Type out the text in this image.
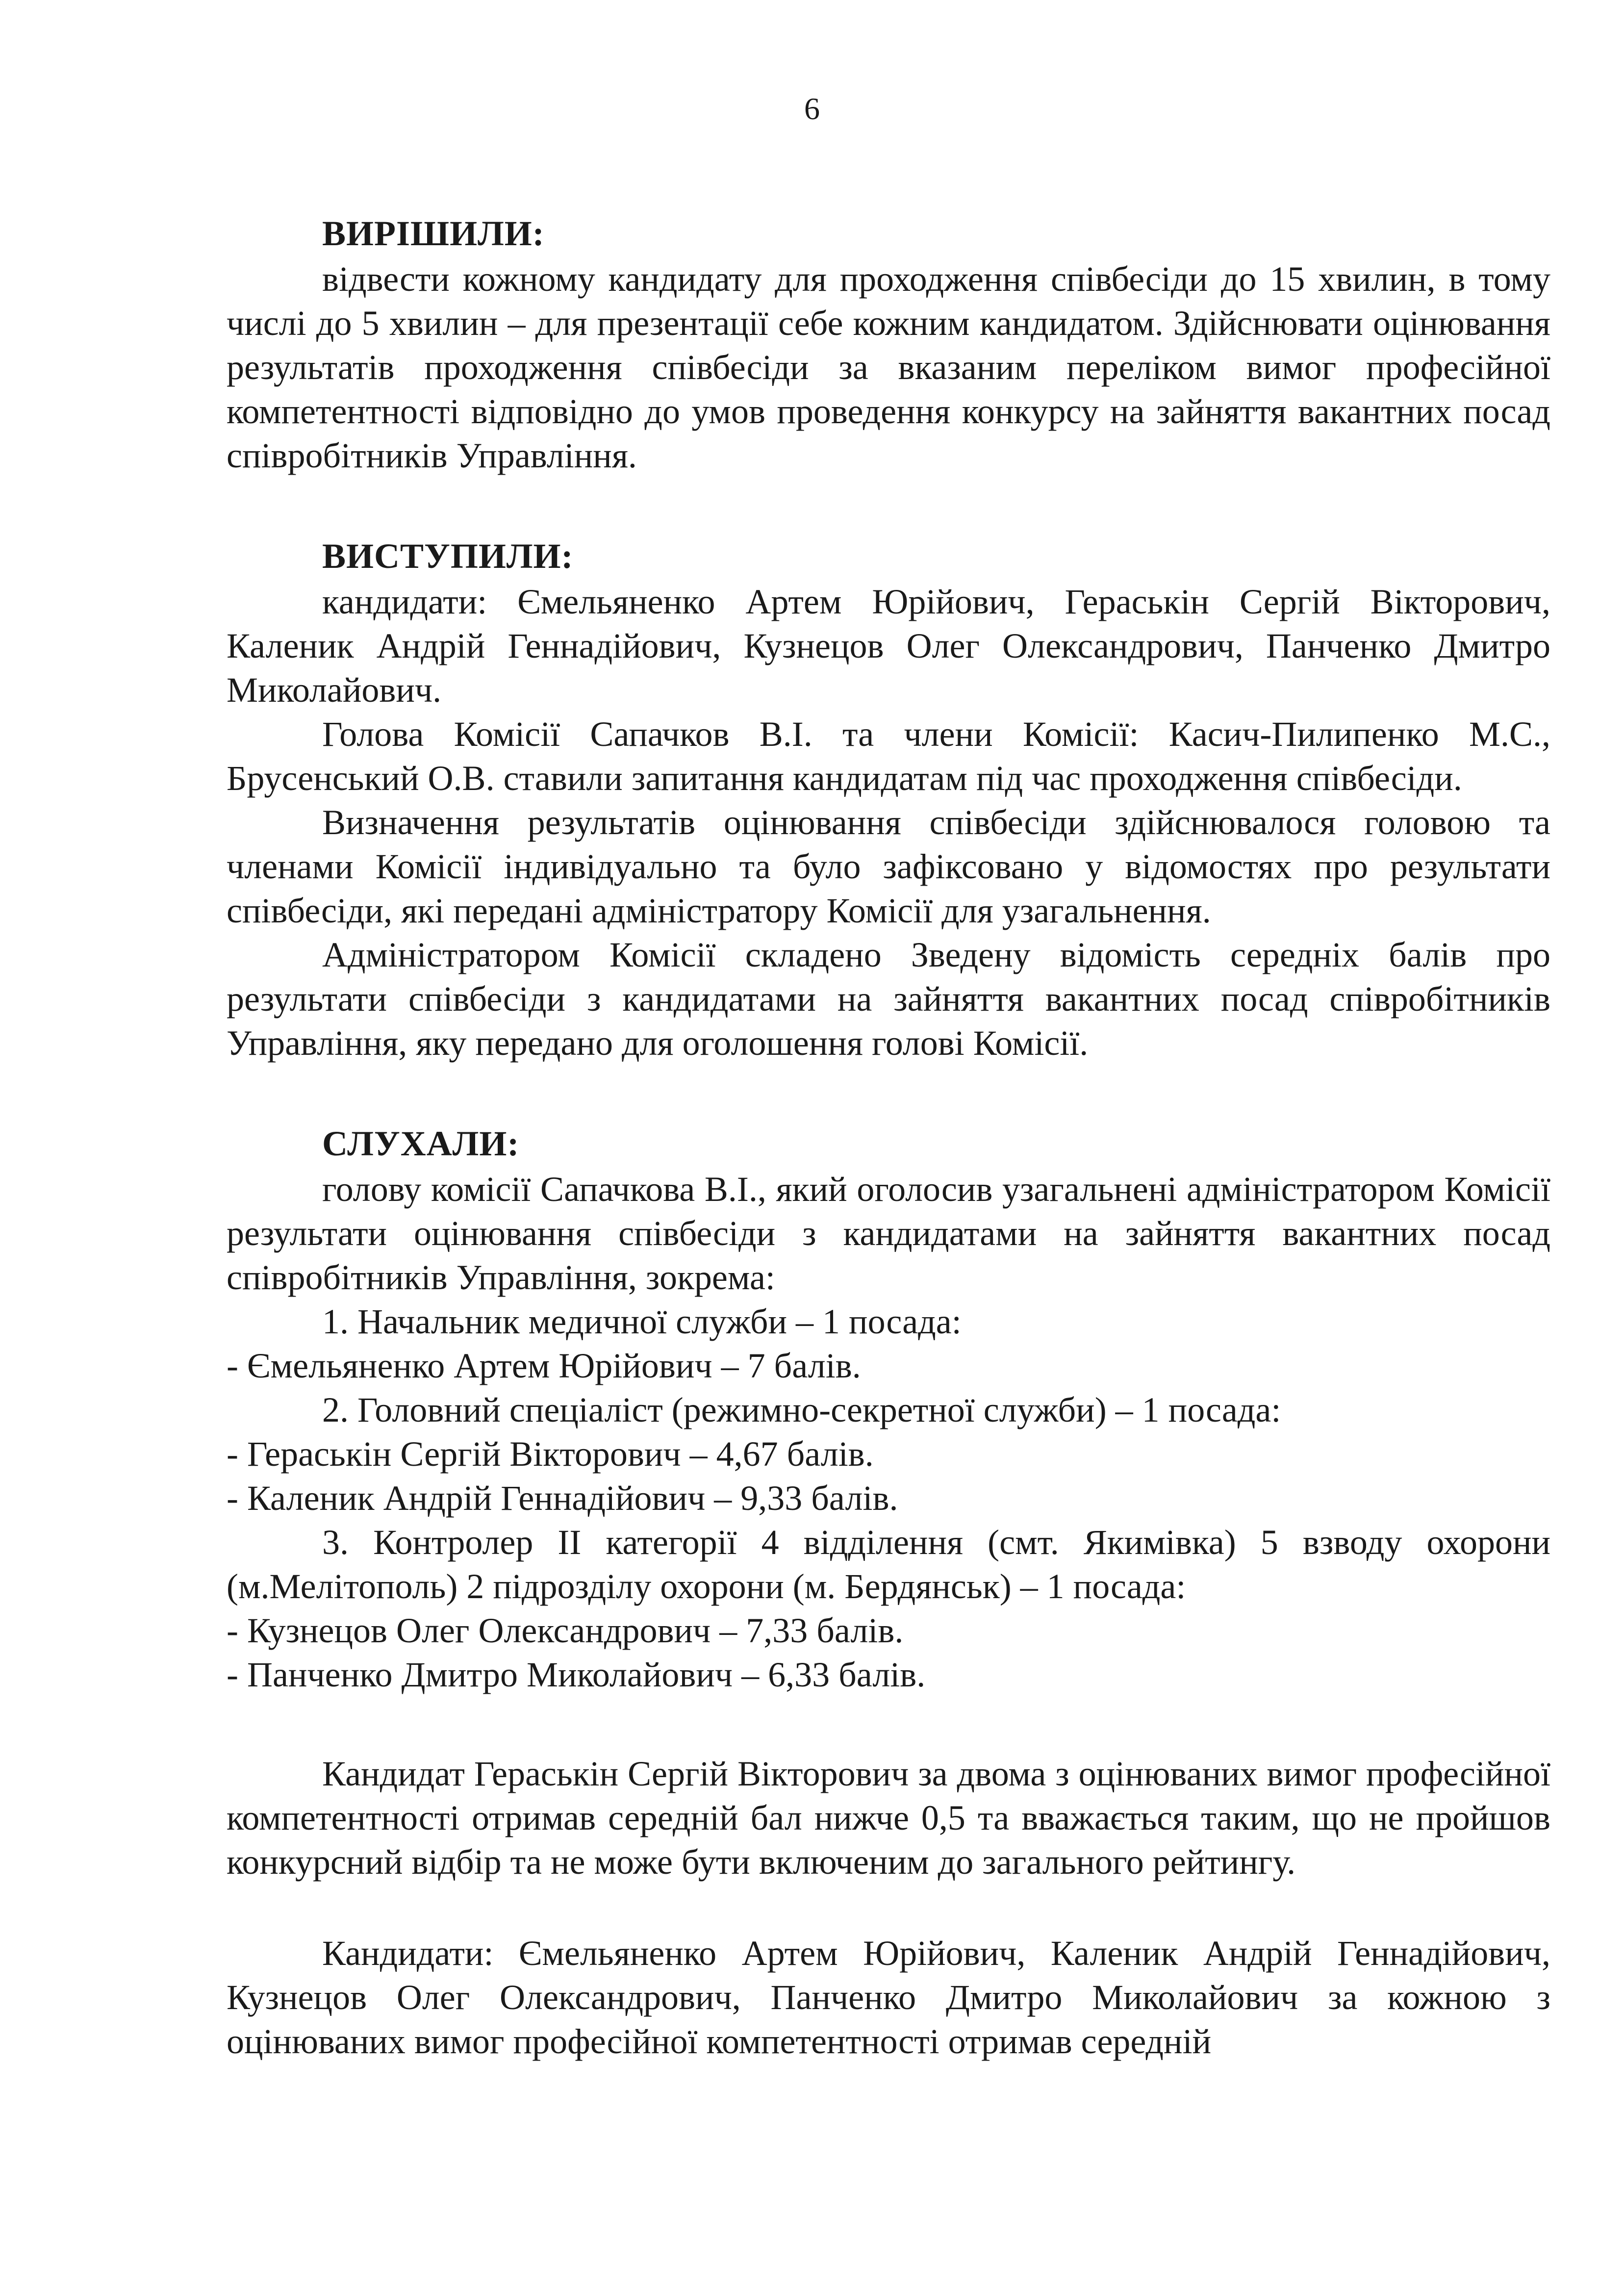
6

ВИРІШИЛИ:

відвести кожному кандидату для проходження співбесіди до 15 хвилин, в тому числі до 5 хвилин – для презентації себе кожним кандидатом. Здійснювати оцінювання результатів проходження співбесіди за вказаним переліком вимог професійної компетентності відповідно до умов проведення конкурсу на зайняття вакантних посад співробітників Управління.

ВИСТУПИЛИ:

кандидати: Ємельяненко Артем Юрійович, Гераськін Сергій Вікторович, Каленик Андрій Геннадійович, Кузнецов Олег Олександрович, Панченко Дмитро Миколайович.

Голова Комісії Сапачков В.І. та члени Комісії: Касич-Пилипенко М.С., Брусенський О.В. ставили запитання кандидатам під час проходження співбесіди.

Визначення результатів оцінювання співбесіди здійснювалося головою та членами Комісії індивідуально та було зафіксовано у відомостях про результати співбесіди, які передані адміністратору Комісії для узагальнення.

Адміністратором Комісії складено Зведену відомість середніх балів про результати співбесіди з кандидатами на зайняття вакантних посад співробітників Управління, яку передано для оголошення голові Комісії.

СЛУХАЛИ:

голову комісії Сапачкова В.І., який оголосив узагальнені адміністратором Комісії результати оцінювання співбесіди з кандидатами на зайняття вакантних посад співробітників Управління, зокрема:

1. Начальник медичної служби – 1 посада:

- Ємельяненко Артем Юрійович – 7 балів.

2. Головний спеціаліст (режимно-секретної служби) – 1 посада:

- Гераськін Сергій Вікторович – 4,67 балів.

- Каленик Андрій Геннадійович – 9,33 балів.

3. Контролер ІІ категорії 4 відділення (смт. Якимівка) 5 взводу охорони (м.Мелітополь) 2 підрозділу охорони (м. Бердянськ) – 1 посада:

- Кузнецов Олег Олександрович – 7,33 балів.

- Панченко Дмитро Миколайович – 6,33 балів.

Кандидат Гераськін Сергій Вікторович за двома з оцінюваних вимог професійної компетентності отримав середній бал нижче 0,5 та вважається таким, що не пройшов конкурсний відбір та не може бути включеним до загального рейтингу.

Кандидати: Ємельяненко Артем Юрійович, Каленик Андрій Геннадійович, Кузнецов Олег Олександрович, Панченко Дмитро Миколайович за кожною з оцінюваних вимог професійної компетентності отримав середній
